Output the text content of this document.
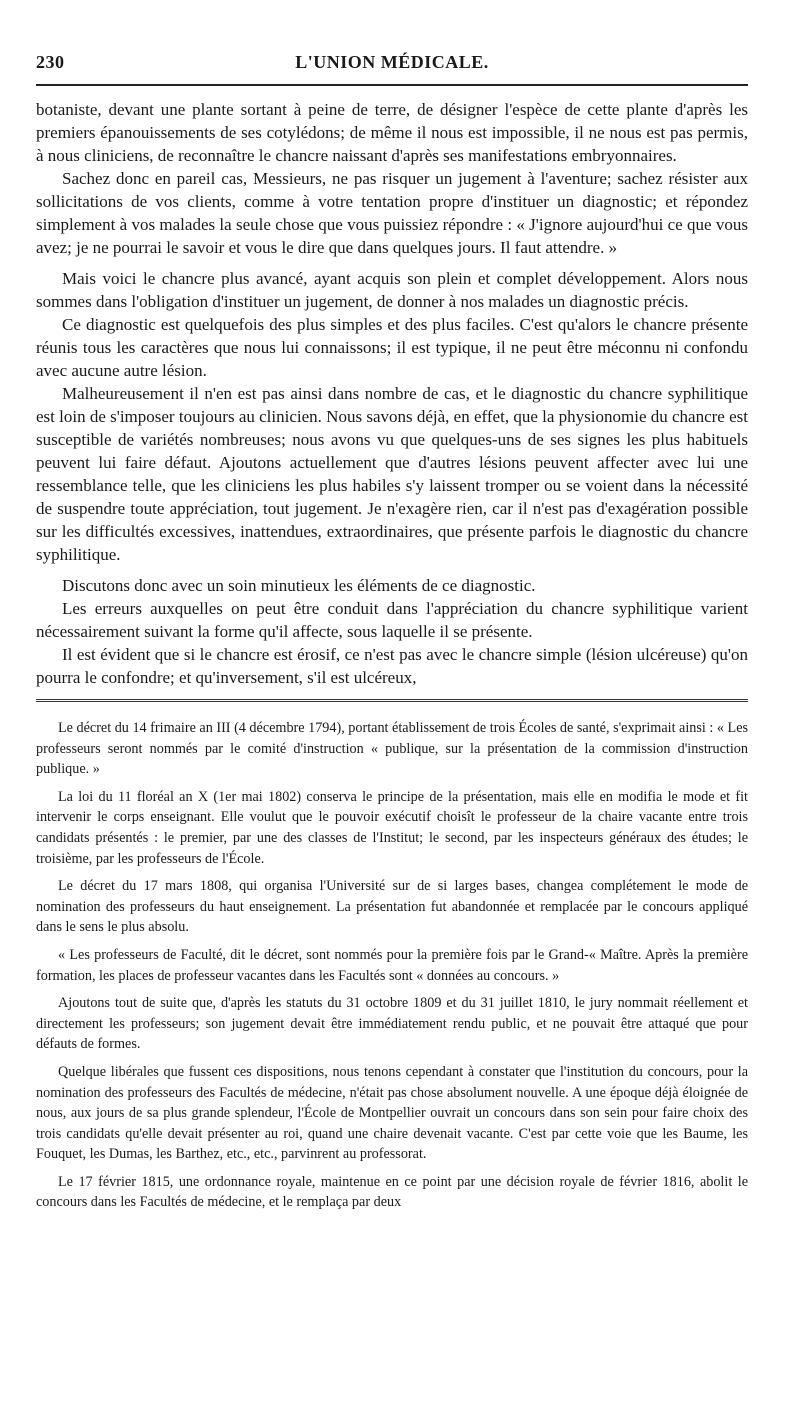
230	L'UNION MÉDICALE.

botaniste, devant une plante sortant à peine de terre, de désigner l'espèce de cette plante d'après les premiers épanouissements de ses cotylédons; de même il nous est impossible, il ne nous est pas permis, à nous cliniciens, de reconnaître le chancre naissant d'après ses manifestations embryonnaires.

Sachez donc en pareil cas, Messieurs, ne pas risquer un jugement à l'aventure; sachez résister aux sollicitations de vos clients, comme à votre tentation propre d'instituer un diagnostic; et répondez simplement à vos malades la seule chose que vous puissiez répondre : « J'ignore aujourd'hui ce que vous avez; je ne pourrai le savoir et vous le dire que dans quelques jours. Il faut attendre. »

Mais voici le chancre plus avancé, ayant acquis son plein et complet développement. Alors nous sommes dans l'obligation d'instituer un jugement, de donner à nos malades un diagnostic précis.

Ce diagnostic est quelquefois des plus simples et des plus faciles. C'est qu'alors le chancre présente réunis tous les caractères que nous lui connaissons; il est typique, il ne peut être méconnu ni confondu avec aucune autre lésion.

Malheureusement il n'en est pas ainsi dans nombre de cas, et le diagnostic du chancre syphilitique est loin de s'imposer toujours au clinicien. Nous savons déjà, en effet, que la physionomie du chancre est susceptible de variétés nombreuses; nous avons vu que quelques-uns de ses signes les plus habituels peuvent lui faire défaut. Ajoutons actuellement que d'autres lésions peuvent affecter avec lui une ressemblance telle, que les cliniciens les plus habiles s'y laissent tromper ou se voient dans la nécessité de suspendre toute appréciation, tout jugement. Je n'exagère rien, car il n'est pas d'exagération possible sur les difficultés excessives, inattendues, extraordinaires, que présente parfois le diagnostic du chancre syphilitique.

Discutons donc avec un soin minutieux les éléments de ce diagnostic.

Les erreurs auxquelles on peut être conduit dans l'appréciation du chancre syphilitique varient nécessairement suivant la forme qu'il affecte, sous laquelle il se présente.

Il est évident que si le chancre est érosif, ce n'est pas avec le chancre simple (lésion ulcéreuse) qu'on pourra le confondre; et qu'inversement, s'il est ulcéreux,

Le décret du 14 frimaire an III (4 décembre 1794), portant établissement de trois Écoles de santé, s'exprimait ainsi : « Les professeurs seront nommés par le comité d'instruction « publique, sur la présentation de la commission d'instruction publique. »

La loi du 11 floréal an X (1er mai 1802) conserva le principe de la présentation, mais elle en modifia le mode et fit intervenir le corps enseignant. Elle voulut que le pouvoir exécutif choisît le professeur de la chaire vacante entre trois candidats présentés : le premier, par une des classes de l'Institut; le second, par les inspecteurs généraux des études; le troisième, par les professeurs de l'École.

Le décret du 17 mars 1808, qui organisa l'Université sur de si larges bases, changea complétement le mode de nomination des professeurs du haut enseignement. La présentation fut abandonnée et remplacée par le concours appliqué dans le sens le plus absolu.

« Les professeurs de Faculté, dit le décret, sont nommés pour la première fois par le Grand-« Maître. Après la première formation, les places de professeur vacantes dans les Facultés sont « données au concours. »

Ajoutons tout de suite que, d'après les statuts du 31 octobre 1809 et du 31 juillet 1810, le jury nommait réellement et directement les professeurs; son jugement devait être immédiatement rendu public, et ne pouvait être attaqué que pour défauts de formes.

Quelque libérales que fussent ces dispositions, nous tenons cependant à constater que l'institution du concours, pour la nomination des professeurs des Facultés de médecine, n'était pas chose absolument nouvelle. A une époque déjà éloignée de nous, aux jours de sa plus grande splendeur, l'École de Montpellier ouvrait un concours dans son sein pour faire choix des trois candidats qu'elle devait présenter au roi, quand une chaire devenait vacante. C'est par cette voie que les Baume, les Fouquet, les Dumas, les Barthez, etc., etc., parvinrent au professorat.

Le 17 février 1815, une ordonnance royale, maintenue en ce point par une décision royale de février 1816, abolit le concours dans les Facultés de médecine, et le remplaça par deux
